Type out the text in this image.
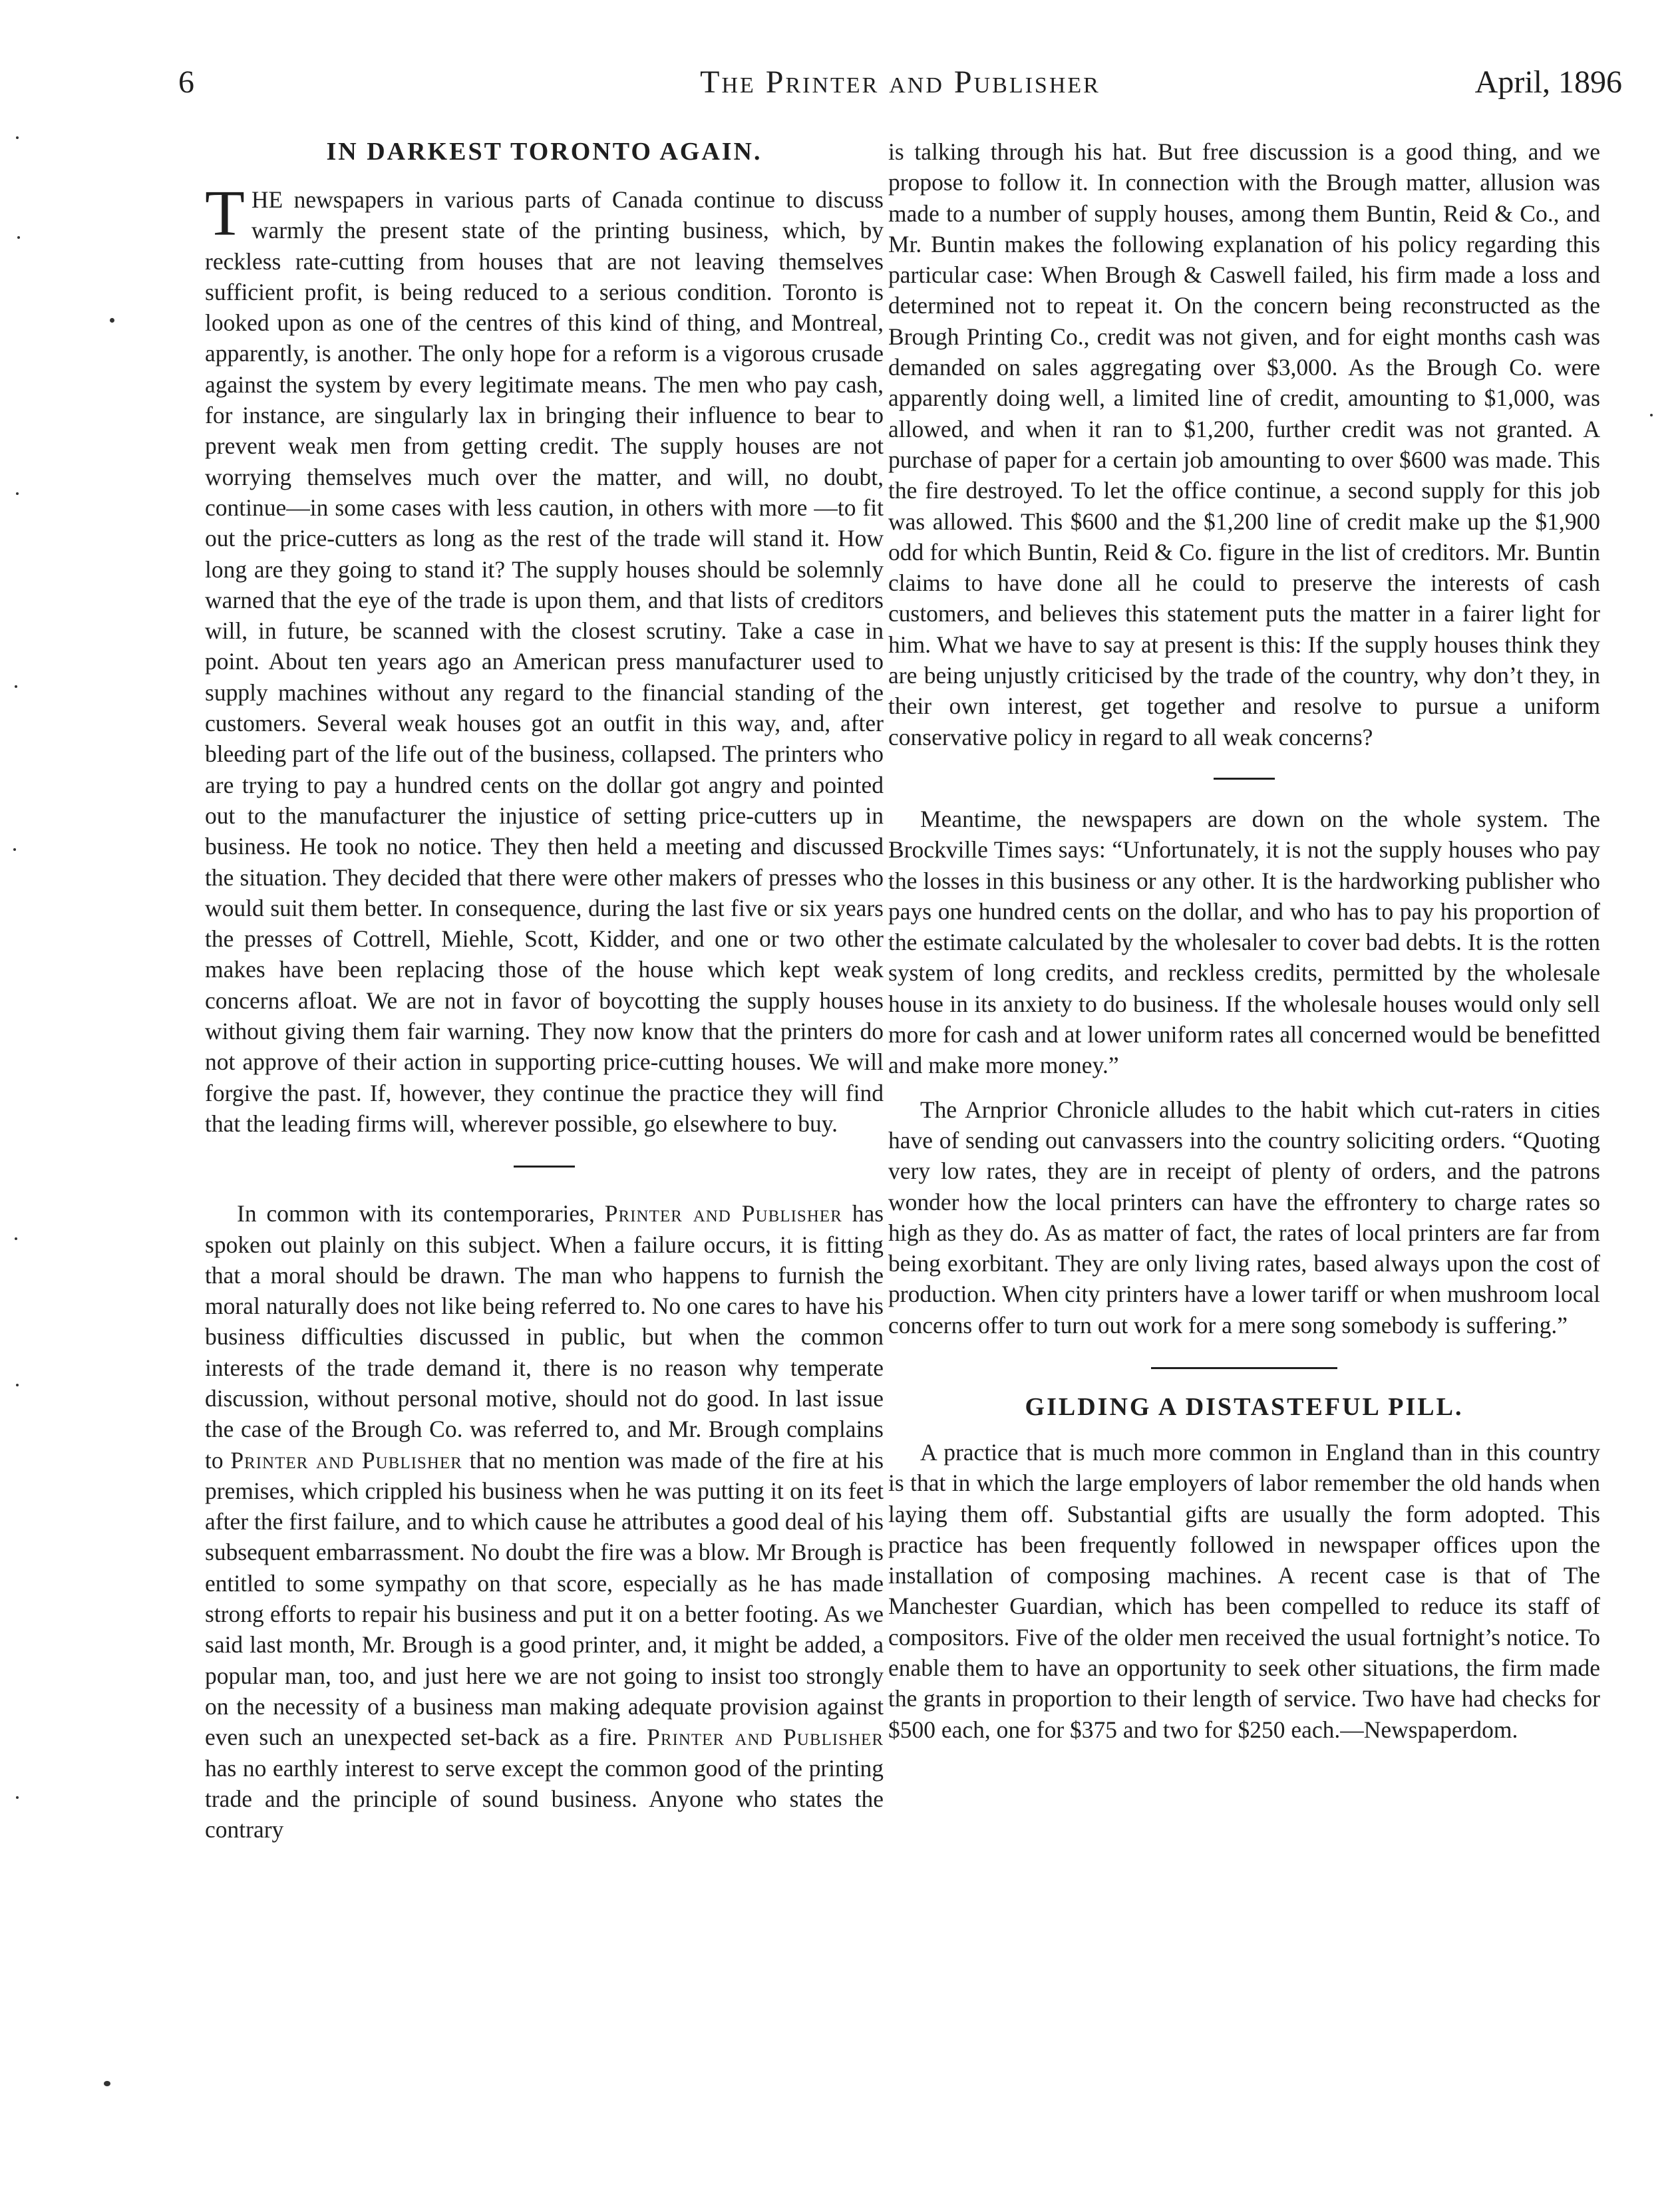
6	The Printer and Publisher	April, 1896
IN DARKEST TORONTO AGAIN.

THE newspapers in various parts of Canada continue to discuss warmly the present state of the printing business, which, by reckless rate-cutting from houses that are not leaving themselves sufficient profit, is being reduced to a serious condition. Toronto is looked upon as one of the centres of this kind of thing, and Montreal, apparently, is another. The only hope for a reform is a vigorous crusade against the system by every legitimate means. The men who pay cash, for instance, are singularly lax in bringing their influence to bear to prevent weak men from getting credit. The supply houses are not worrying themselves much over the matter, and will, no doubt, continue—in some cases with less caution, in others with more —to fit out the price-cutters as long as the rest of the trade will stand it. How long are they going to stand it? The supply houses should be solemnly warned that the eye of the trade is upon them, and that lists of creditors will, in future, be scanned with the closest scrutiny. Take a case in point. About ten years ago an American press manufacturer used to supply machines without any regard to the financial standing of the customers. Several weak houses got an outfit in this way, and, after bleeding part of the life out of the business, collapsed. The printers who are trying to pay a hundred cents on the dollar got angry and pointed out to the manufacturer the injustice of setting price-cutters up in business. He took no notice. They then held a meeting and discussed the situation. They decided that there were other makers of presses who would suit them better. In consequence, during the last five or six years the presses of Cottrell, Miehle, Scott, Kidder, and one or two other makes have been replacing those of the house which kept weak concerns afloat. We are not in favor of boycotting the supply houses without giving them fair warning. They now know that the printers do not approve of their action in supporting price-cutting houses. We will forgive the past. If, however, they continue the practice they will find that the leading firms will, wherever possible, go elsewhere to buy.

In common with its contemporaries, Printer and Publisher has spoken out plainly on this subject. When a failure occurs, it is fitting that a moral should be drawn. The man who happens to furnish the moral naturally does not like being referred to. No one cares to have his business difficulties discussed in public, but when the common interests of the trade demand it, there is no reason why temperate discussion, without personal motive, should not do good. In last issue the case of the Brough Co. was referred to, and Mr. Brough complains to Printer and Publisher that no mention was made of the fire at his premises, which crippled his business when he was putting it on its feet after the first failure, and to which cause he attributes a good deal of his subsequent embarrassment. No doubt the fire was a blow. Mr Brough is entitled to some sympathy on that score, especially as he has made strong efforts to repair his business and put it on a better footing. As we said last month, Mr. Brough is a good printer, and, it might be added, a popular man, too, and just here we are not going to insist too strongly on the necessity of a business man making adequate provision against even such an unexpected set-back as a fire. Printer and Publisher has no earthly interest to serve except the common good of the printing trade and the principle of sound business. Anyone who states the contrary

is talking through his hat. But free discussion is a good thing, and we propose to follow it. In connection with the Brough matter, allusion was made to a number of supply houses, among them Buntin, Reid & Co., and Mr. Buntin makes the following explanation of his policy regarding this particular case: When Brough & Caswell failed, his firm made a loss and determined not to repeat it. On the concern being reconstructed as the Brough Printing Co., credit was not given, and for eight months cash was demanded on sales aggregating over $3,000. As the Brough Co. were apparently doing well, a limited line of credit, amounting to $1,000, was allowed, and when it ran to $1,200, further credit was not granted. A purchase of paper for a certain job amounting to over $600 was made. This the fire destroyed. To let the office continue, a second supply for this job was allowed. This $600 and the $1,200 line of credit make up the $1,900 odd for which Buntin, Reid & Co. figure in the list of creditors. Mr. Buntin claims to have done all he could to preserve the interests of cash customers, and believes this statement puts the matter in a fairer light for him. What we have to say at present is this: If the supply houses think they are being unjustly criticised by the trade of the country, why don’t they, in their own interest, get together and resolve to pursue a uniform conservative policy in regard to all weak concerns?

Meantime, the newspapers are down on the whole system. The Brockville Times says: “Unfortunately, it is not the supply houses who pay the losses in this business or any other. It is the hardworking publisher who pays one hundred cents on the dollar, and who has to pay his proportion of the estimate calculated by the wholesaler to cover bad debts. It is the rotten system of long credits, and reckless credits, permitted by the wholesale house in its anxiety to do business. If the wholesale houses would only sell more for cash and at lower uniform rates all concerned would be benefitted and make more money.”

The Arnprior Chronicle alludes to the habit which cut-raters in cities have of sending out canvassers into the country soliciting orders. “Quoting very low rates, they are in receipt of plenty of orders, and the patrons wonder how the local printers can have the effrontery to charge rates so high as they do. As as matter of fact, the rates of local printers are far from being exorbitant. They are only living rates, based always upon the cost of production. When city printers have a lower tariff or when mushroom local concerns offer to turn out work for a mere song somebody is suffering.”

GILDING A DISTASTEFUL PILL.

A practice that is much more common in England than in this country is that in which the large employers of labor remember the old hands when laying them off. Substantial gifts are usually the form adopted. This practice has been frequently followed in newspaper offices upon the installation of composing machines. A recent case is that of The Manchester Guardian, which has been compelled to reduce its staff of compositors. Five of the older men received the usual fortnight’s notice. To enable them to have an opportunity to seek other situations, the firm made the grants in proportion to their length of service. Two have had checks for $500 each, one for $375 and two for $250 each.—Newspaperdom.
